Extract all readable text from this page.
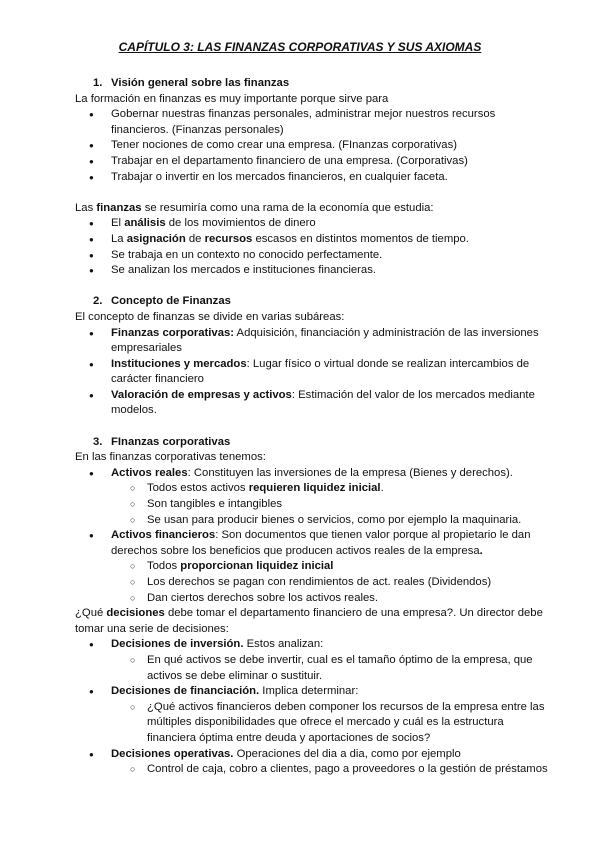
CAPÍTULO 3: LAS FINANZAS CORPORATIVAS Y SUS AXIOMAS
1. Visión general sobre las finanzas
La formación en finanzas es muy importante porque sirve para
● Gobernar nuestras finanzas personales, administrar mejor nuestros recursos financieros. (Finanzas personales)
● Tener nociones de como crear una empresa. (FInanzas corporativas)
● Trabajar en el departamento financiero de una empresa. (Corporativas)
● Trabajar o invertir en los mercados financieros, en cualquier faceta.
Las finanzas se resumiría como una rama de la economía que estudia:
● El análisis de los movimientos de dinero
● La asignación de recursos escasos en distintos momentos de tiempo.
● Se trabaja en un contexto no conocido perfectamente.
● Se analizan los mercados e instituciones financieras.
2. Concepto de Finanzas
El concepto de finanzas se divide en varias subáreas:
● Finanzas corporativas: Adquisición, financiación y administración de las inversiones empresariales
● Instituciones y mercados: Lugar físico o virtual donde se realizan intercambios de carácter financiero
● Valoración de empresas y activos: Estimación del valor de los mercados mediante modelos.
3. FInanzas corporativas
En las finanzas corporativas tenemos:
● Activos reales: Constituyen las inversiones de la empresa (Bienes y derechos).
○ Todos estos activos requieren liquidez inicial.
○ Son tangibles e intangibles
○ Se usan para producir bienes o servicios, como por ejemplo la maquinaria.
● Activos financieros: Son documentos que tienen valor porque al propietario le dan derechos sobre los beneficios que producen activos reales de la empresa.
○ Todos proporcionan liquidez inicial
○ Los derechos se pagan con rendimientos de act. reales (Dividendos)
○ Dan ciertos derechos sobre los activos reales.
¿Qué decisiones debe tomar el departamento financiero de una empresa?. Un director debe tomar una serie de decisiones:
● Decisiones de inversión. Estos analizan:
○ En qué activos se debe invertir, cual es el tamaño óptimo de la empresa, que activos se debe eliminar o sustituir.
● Decisiones de financiación. Implica determinar:
○ ¿Qué activos financieros deben componer los recursos de la empresa entre las múltiples disponibilidades que ofrece el mercado y cuál es la estructura financiera óptima entre deuda y aportaciones de socios?
● Decisiones operativas. Operaciones del dia a dia, como por ejemplo
○ Control de caja, cobro a clientes, pago a proveedores o la gestión de préstamos
